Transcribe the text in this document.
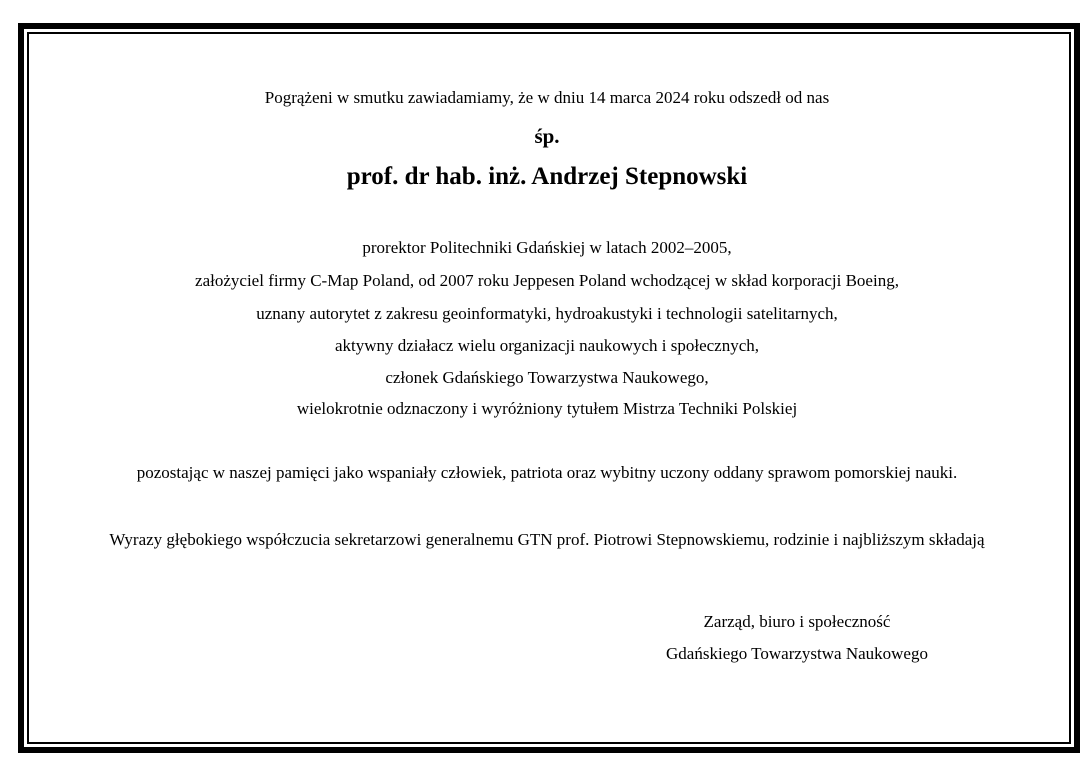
Pogrążeni w smutku zawiadamiamy, że w dniu 14 marca 2024 roku odszedł od nas
śp.
prof. dr hab. inż. Andrzej Stepnowski
prorektor Politechniki Gdańskiej w latach 2002–2005,
założyciel firmy C-Map Poland, od 2007 roku Jeppesen Poland wchodzącej w skład korporacji Boeing,
uznany autorytet z zakresu geoinformatyki, hydroakustyki i technologii satelitarnych,
aktywny działacz wielu organizacji naukowych i społecznych,
członek Gdańskiego Towarzystwa Naukowego,
wielokrotnie odznaczony i wyróżniony tytułem Mistrza Techniki Polskiej
pozostając w naszej pamięci jako wspaniały człowiek, patriota oraz wybitny uczony oddany sprawom pomorskiej nauki.
Wyrazy głębokiego współczucia sekretarzowi generalnemu GTN prof. Piotrowi Stepnowskiemu, rodzinie i najbliższym składają
Zarząd, biuro i społeczność
Gdańskiego Towarzystwa Naukowego
